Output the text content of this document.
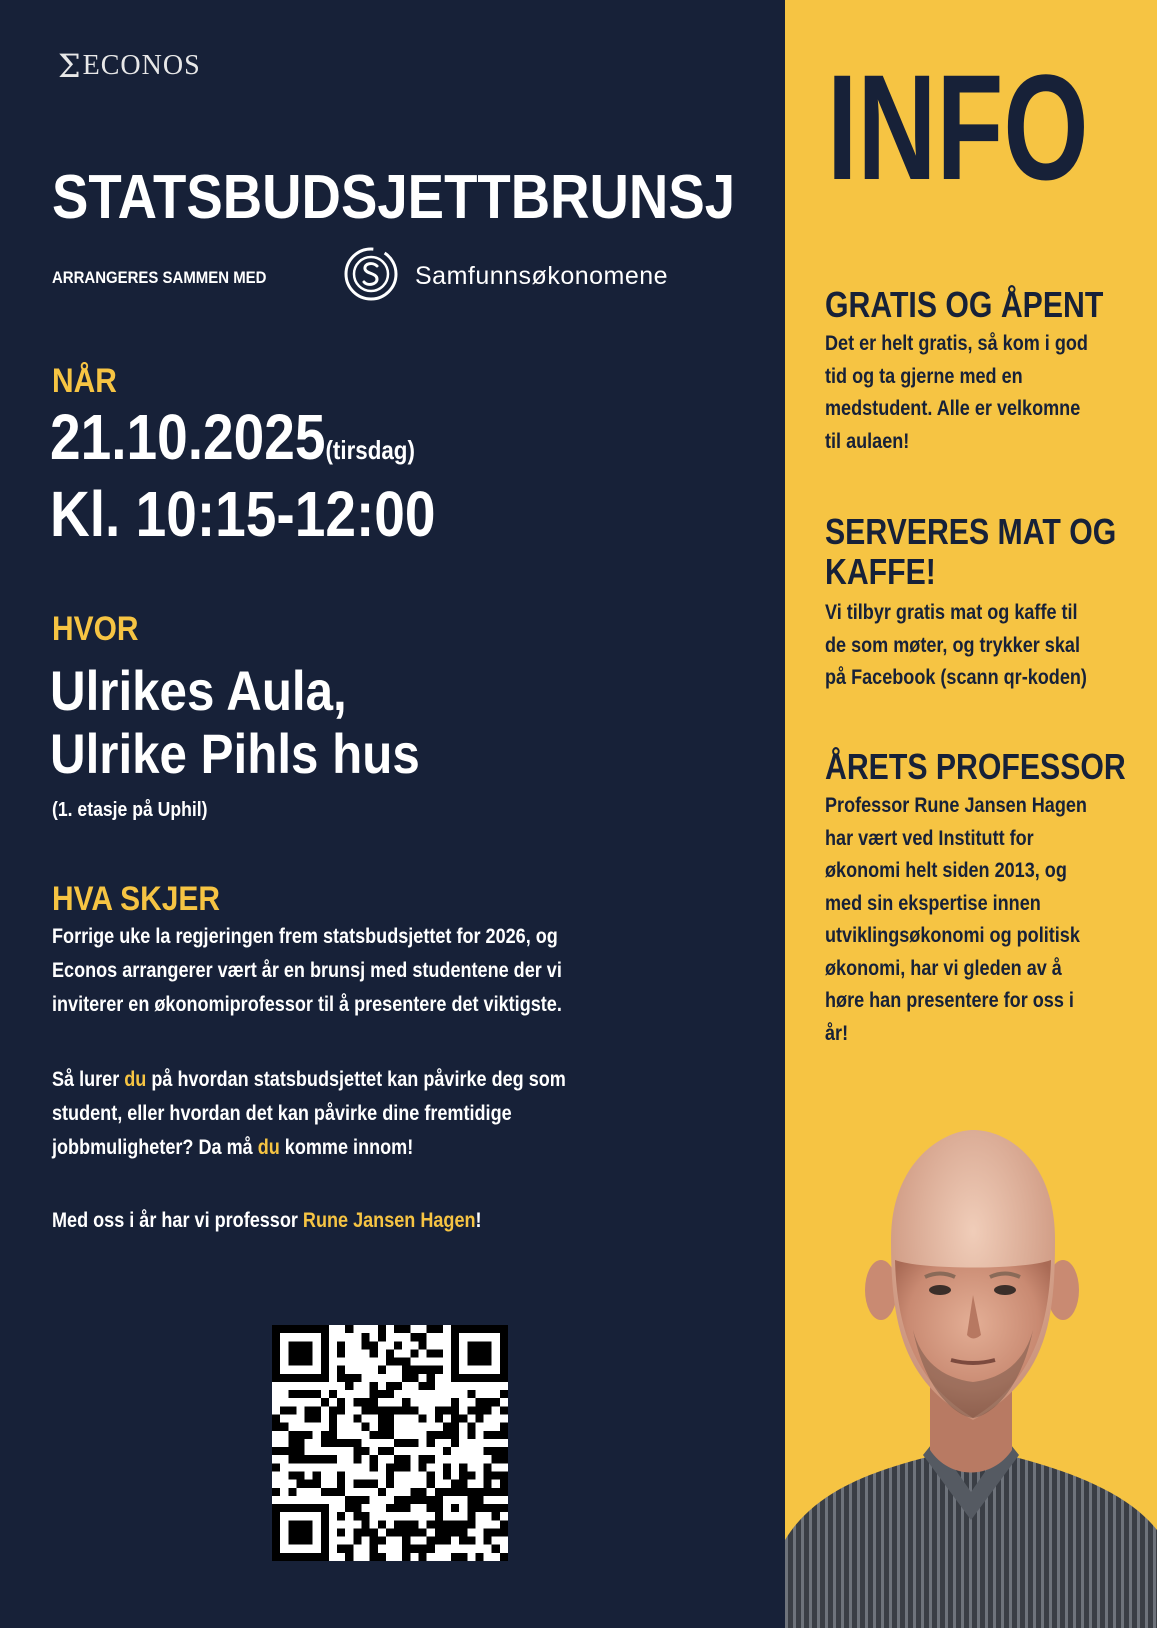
Σ ECONOS
STATSBUDSJETTBRUNSJ
ARRANGERES SAMMEN MED	Samfunnsøkonomene
NÅR
21.10.2025(tirsdag)
Kl. 10:15-12:00
HVOR
Ulrikes Aula,
Ulrike Pihls hus
(1. etasje på Uphil)
HVA SKJER
Forrige uke la regjeringen frem statsbudsjettet for 2026, og
Econos arrangerer vært år en brunsj med studentene der vi
inviterer en økonomiprofessor til å presentere det viktigste.
Så lurer du på hvordan statsbudsjettet kan påvirke deg som
student, eller hvordan det kan påvirke dine fremtidige
jobbmuligheter? Da må du komme innom!
Med oss i år har vi professor Rune Jansen Hagen!
INFO
GRATIS OG ÅPENT
Det er helt gratis, så kom i god
tid og ta gjerne med en
medstudent. Alle er velkomne
til aulaen!
SERVERES MAT OG
KAFFE!
Vi tilbyr gratis mat og kaffe til
de som møter, og trykker skal
på Facebook (scann qr-koden)
ÅRETS PROFESSOR
Professor Rune Jansen Hagen
har vært ved Institutt for
økonomi helt siden 2013, og
med sin ekspertise innen
utviklingsøkonomi og politisk
økonomi, har vi gleden av å
høre han presentere for oss i
år!
